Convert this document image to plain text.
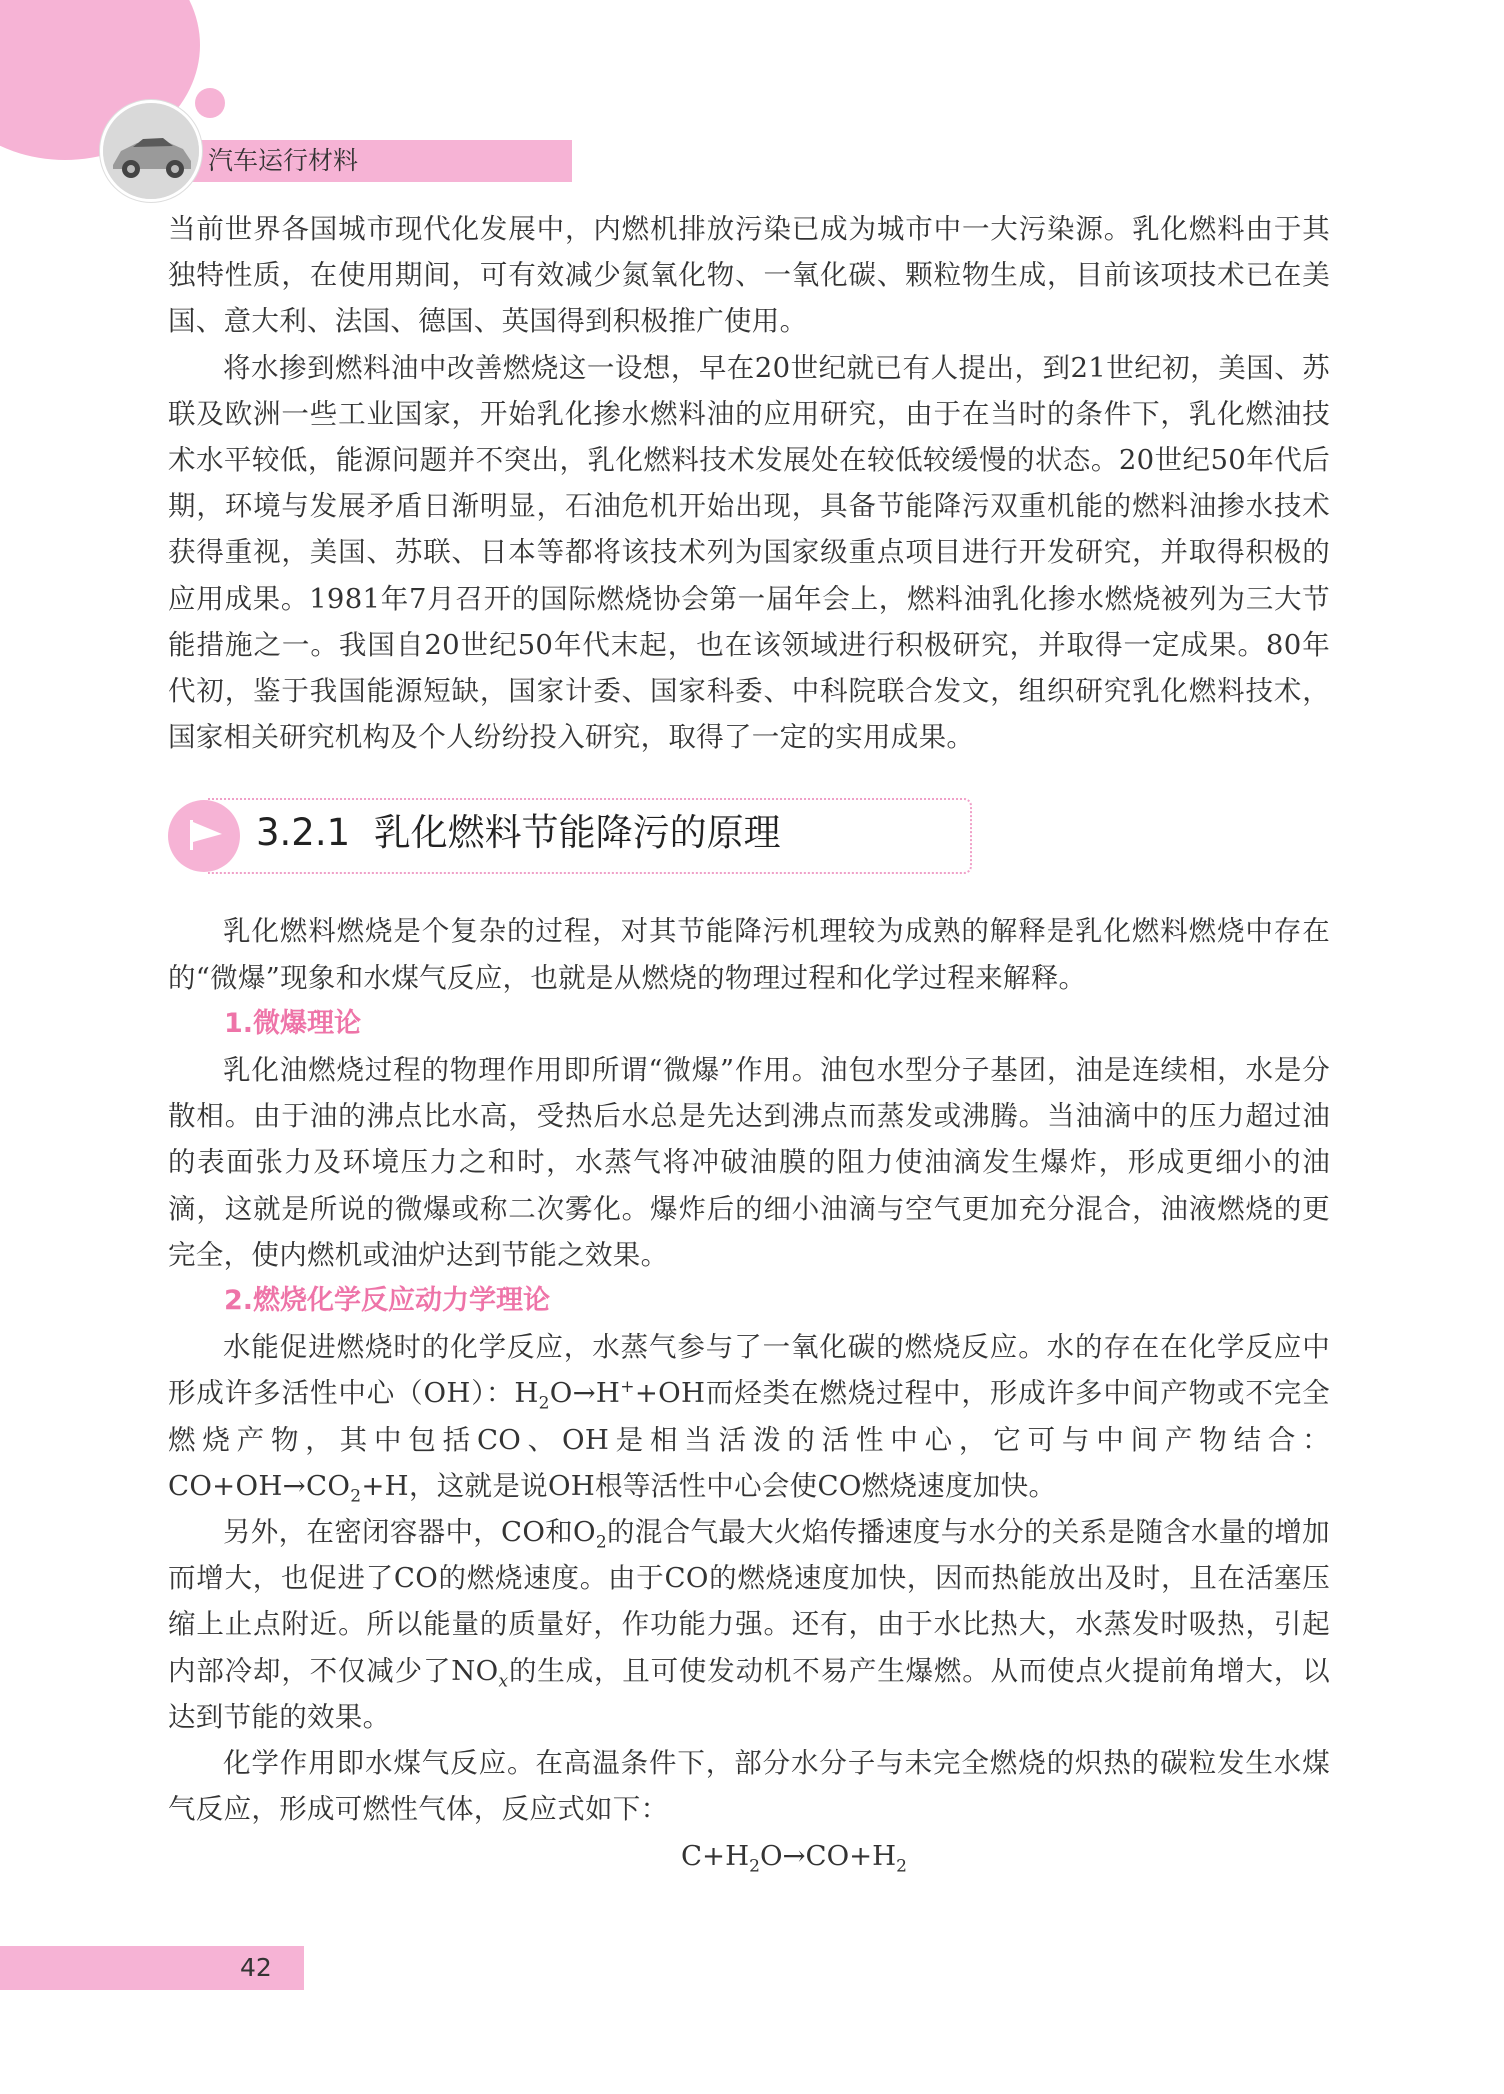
汽车运行材料

当前世界各国城市现代化发展中，内燃机排放污染已成为城市中一大污染源。乳化燃料由于其独特性质，在使用期间，可有效减少氮氧化物、一氧化碳、颗粒物生成，目前该项技术已在美国、意大利、法国、德国、英国得到积极推广使用。

将水掺到燃料油中改善燃烧这一设想，早在20世纪就已有人提出，到21世纪初，美国、苏联及欧洲一些工业国家，开始乳化掺水燃料油的应用研究，由于在当时的条件下，乳化燃油技术水平较低，能源问题并不突出，乳化燃料技术发展处在较低较缓慢的状态。20世纪50年代后期，环境与发展矛盾日渐明显，石油危机开始出现，具备节能降污双重机能的燃料油掺水技术获得重视，美国、苏联、日本等都将该技术列为国家级重点项目进行开发研究，并取得积极的应用成果。1981年7月召开的国际燃烧协会第一届年会上，燃料油乳化掺水燃烧被列为三大节能措施之一。我国自20世纪50年代末起，也在该领域进行积极研究，并取得一定成果。80年代初，鉴于我国能源短缺，国家计委、国家科委、中科院联合发文，组织研究乳化燃料技术，国家相关研究机构及个人纷纷投入研究，取得了一定的实用成果。

3.2.1 乳化燃料节能降污的原理

乳化燃料燃烧是个复杂的过程，对其节能降污机理较为成熟的解释是乳化燃料燃烧中存在的“微爆”现象和水煤气反应，也就是从燃烧的物理过程和化学过程来解释。

1.微爆理论

乳化油燃烧过程的物理作用即所谓“微爆”作用。油包水型分子基团，油是连续相，水是分散相。由于油的沸点比水高，受热后水总是先达到沸点而蒸发或沸腾。当油滴中的压力超过油的表面张力及环境压力之和时，水蒸气将冲破油膜的阻力使油滴发生爆炸，形成更细小的油滴，这就是所说的微爆或称二次雾化。爆炸后的细小油滴与空气更加充分混合，油液燃烧的更完全，使内燃机或油炉达到节能之效果。

2.燃烧化学反应动力学理论

水能促进燃烧时的化学反应，水蒸气参与了一氧化碳的燃烧反应。水的存在在化学反应中形成许多活性中心（OH）：$H_2O\to H^++OH$而烃类在燃烧过程中，形成许多中间产物或不完全燃烧产物，其中包括CO、OH是相当活泼的活性中心，它可与中间产物结合：$CO+OH\to CO_2+H$，这就是说OH根等活性中心会使CO燃烧速度加快。

另外，在密闭容器中，CO和$O_2$的混合气最大火焰传播速度与水分的关系是随含水量的增加而增大，也促进了CO的燃烧速度。由于CO的燃烧速度加快，因而热能放出及时，且在活塞压缩上止点附近。所以能量的质量好，作功能力强。还有，由于水比热大，水蒸发时吸热，引起内部冷却，不仅减少了$NO_x$的生成，且可使发动机不易产生爆燃。从而使点火提前角增大，以达到节能的效果。

化学作用即水煤气反应。在高温条件下，部分水分子与未完全燃烧的炽热的碳粒发生水煤气反应，形成可燃性气体，反应式如下：

$C+H_2O\to CO+H_2$

42
